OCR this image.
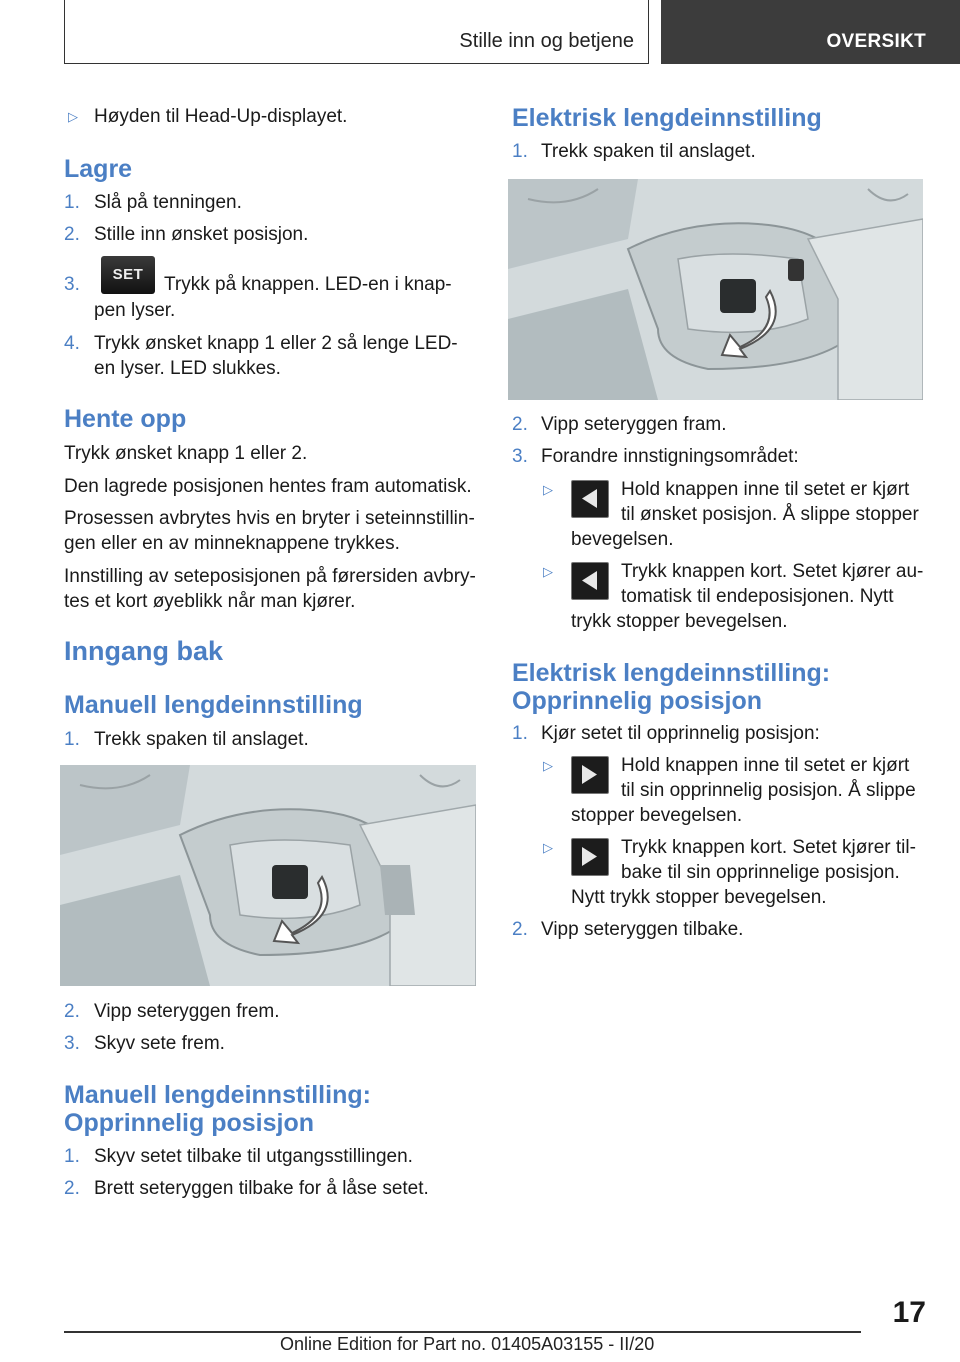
Stille inn og betjene	OVERSIKT
▷ Høyden til Head-Up-displayet.
Lagre
1. Slå på tenningen.
2. Stille inn ønsket posisjon.
3.	SET	Trykk på knappen. LED-en i knap-
pen lyser.
4. Trykk ønsket knapp 1 eller 2 så lenge LED-
en lyser. LED slukkes.
Hente opp
Trykk ønsket knapp 1 eller 2.
Den lagrede posisjonen hentes fram automatisk.
Prosessen avbrytes hvis en bryter i seteinnstillin-
gen eller en av minneknappene trykkes.
Innstilling av seteposisjonen på førersiden avbry-
tes et kort øyeblikk når man kjører.
Inngang bak
Manuell lengdeinnstilling
1. Trekk spaken til anslaget.
2. Vipp seteryggen frem.
3. Skyv sete frem.
Manuell lengdeinnstilling:
Opprinnelig posisjon
1. Skyv setet tilbake til utgangsstillingen.
2. Brett seteryggen tilbake for å låse setet.
Elektrisk lengdeinnstilling
1. Trekk spaken til anslaget.
2. Vipp seteryggen fram.
3. Forandre innstigningsområdet:
▷	Hold knappen inne til setet er kjørt
til ønsket posisjon. Å slippe stopper
bevegelsen.
▷	Trykk knappen kort. Setet kjører au-
tomatisk til endeposisjonen. Nytt
trykk stopper bevegelsen.
Elektrisk lengdeinnstilling:
Opprinnelig posisjon
1. Kjør setet til opprinnelig posisjon:
▷	Hold knappen inne til setet er kjørt
til sin opprinnelig posisjon. Å slippe
stopper bevegelsen.
▷	Trykk knappen kort. Setet kjører til-
bake til sin opprinnelige posisjon.
Nytt trykk stopper bevegelsen.
2. Vipp seteryggen tilbake.
17
Online Edition for Part no. 01405A03155 - II/20
